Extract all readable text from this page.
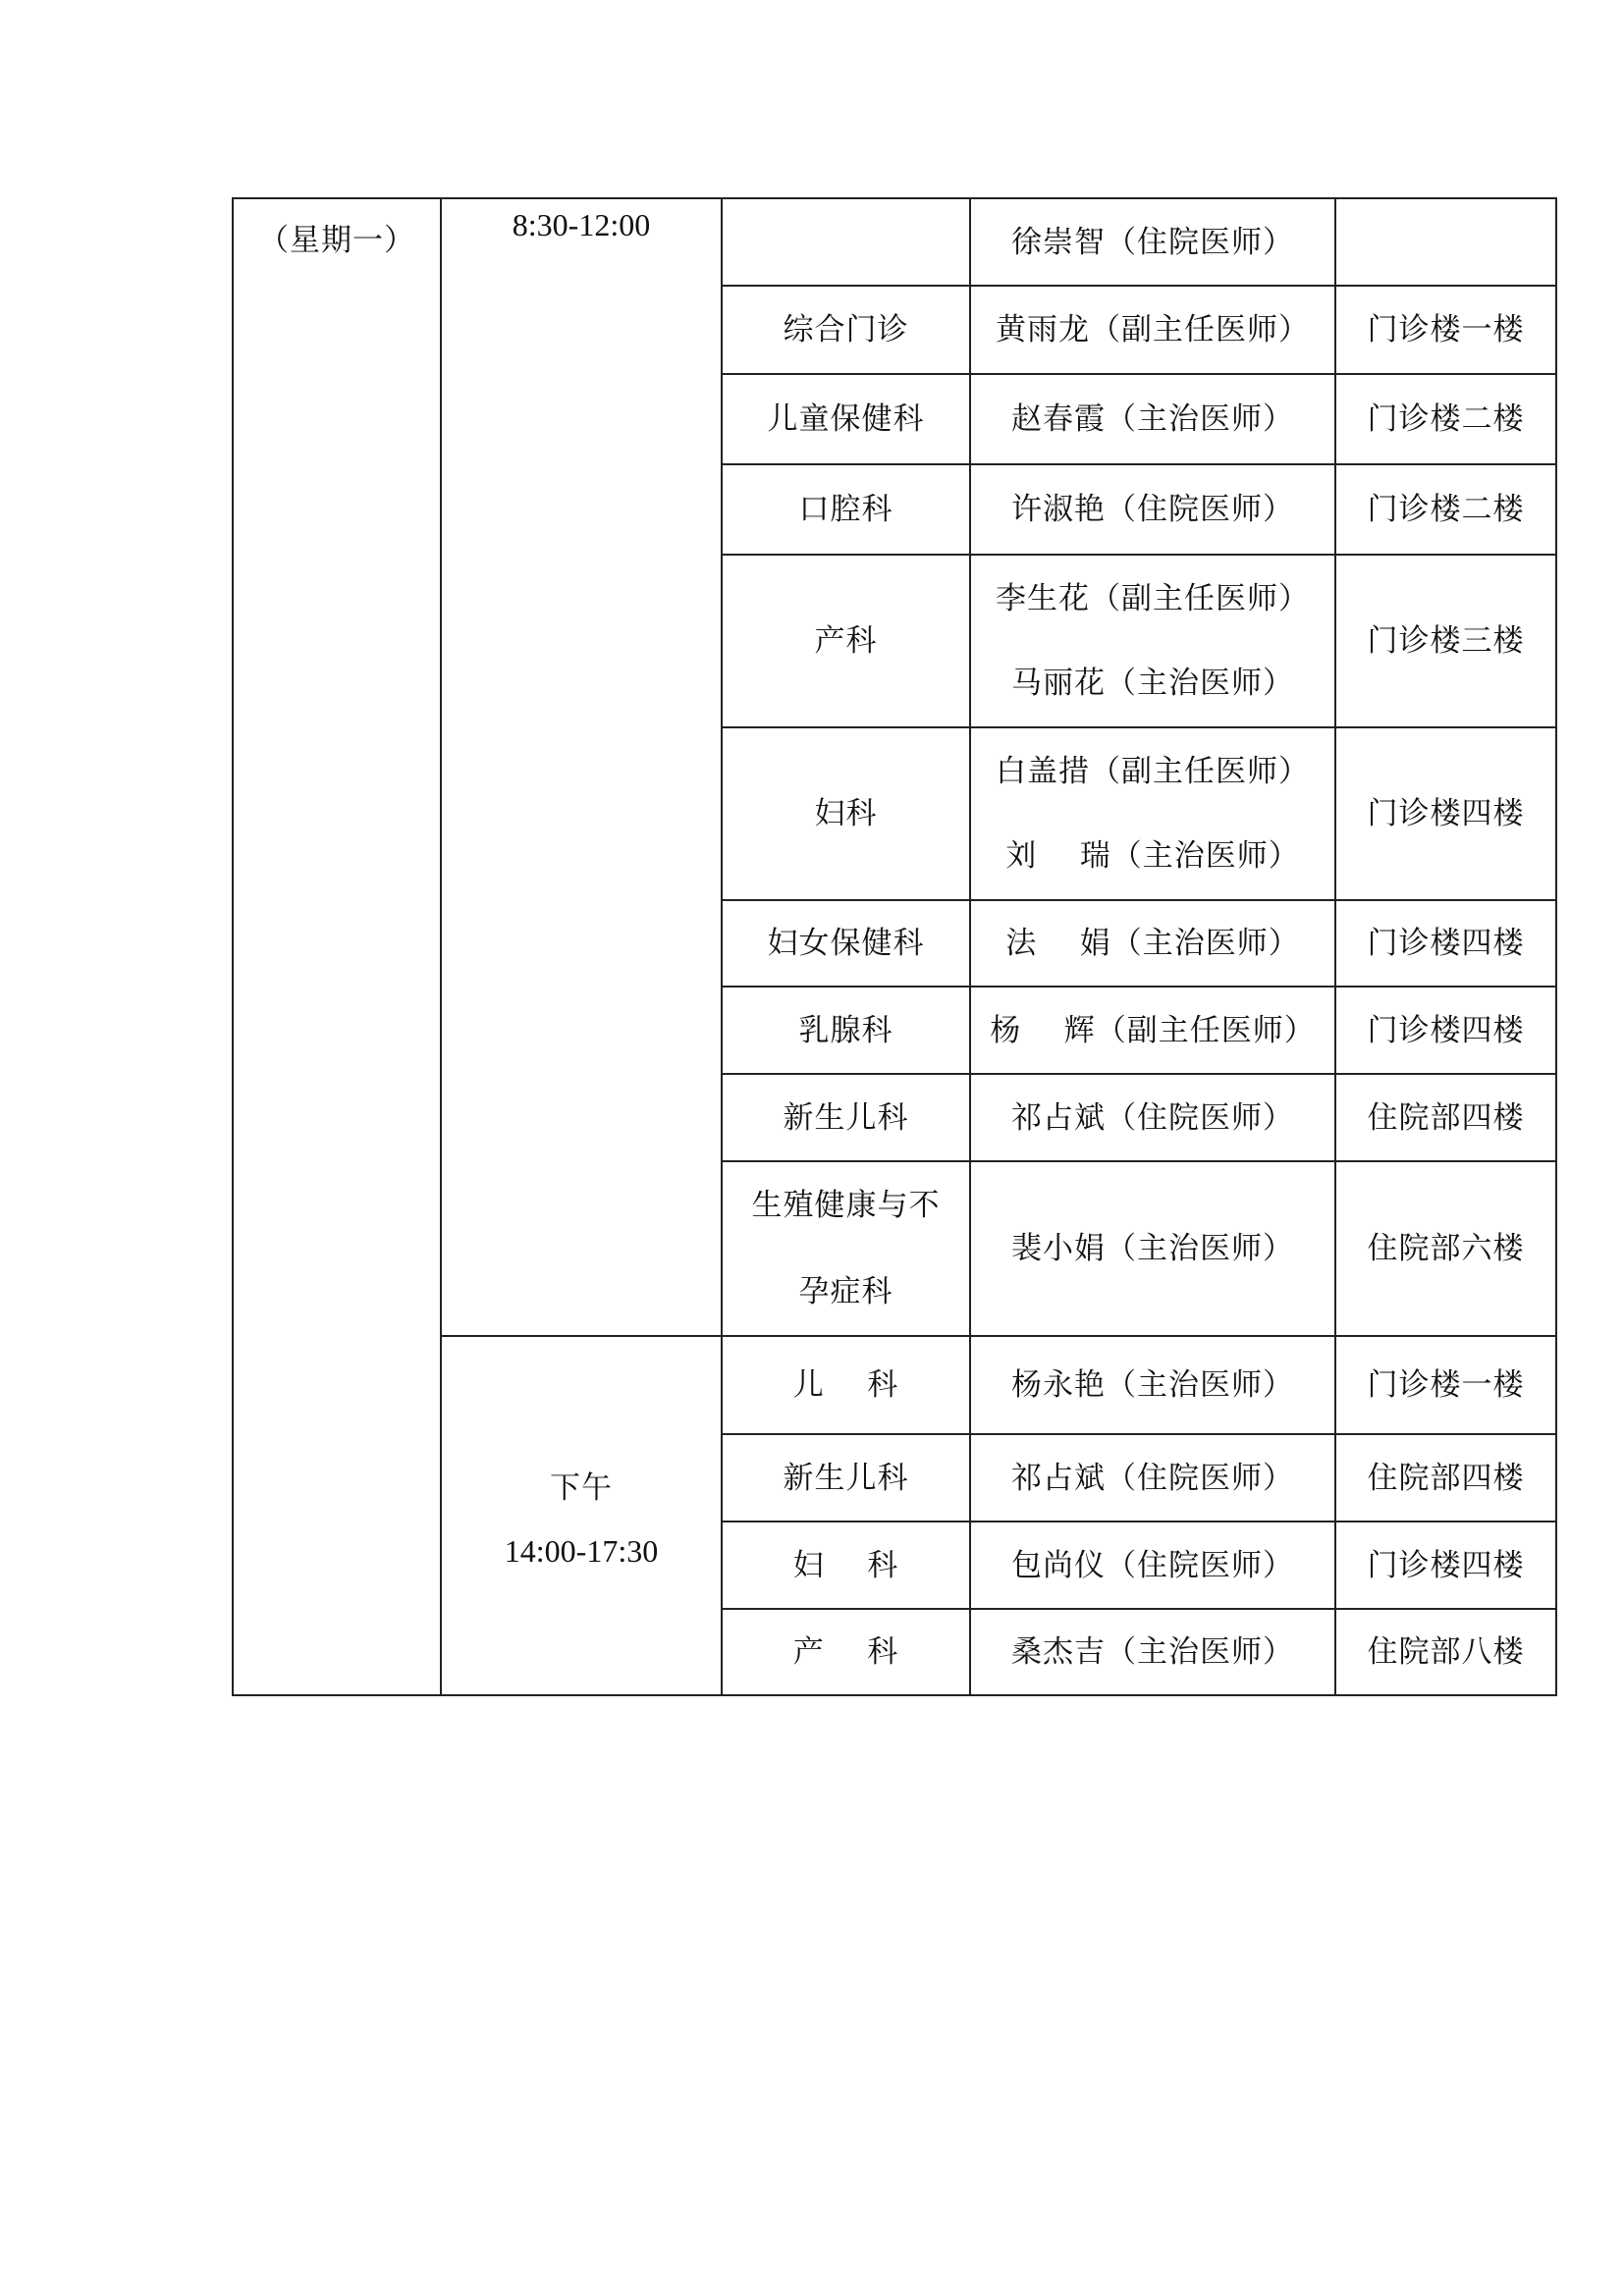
（星期一）	8:30-12:00		徐崇智（住院医师）	
		综合门诊	黄雨龙（副主任医师）	门诊楼一楼
		儿童保健科	赵春霞（主治医师）	门诊楼二楼
		口腔科	许淑艳（住院医师）	门诊楼二楼
		产科	李生花（副主任医师）
马丽花（主治医师）	门诊楼三楼
		妇科	白盖措（副主任医师）
刘    瑞（主治医师）	门诊楼四楼
		妇女保健科	法    娟（主治医师）	门诊楼四楼
		乳腺科	杨    辉（副主任医师）	门诊楼四楼
		新生儿科	祁占斌（住院医师）	住院部四楼

		生殖健康与不
孕症科	裴小娟（主治医师）	住院部六楼

	下午
14:00-17:30	儿    科	杨永艳（主治医师）	门诊楼一楼
		新生儿科	祁占斌（住院医师）	住院部四楼
		妇    科	包尚仪（住院医师）	门诊楼四楼
		产    科	桑杰吉（主治医师）	住院部八楼
